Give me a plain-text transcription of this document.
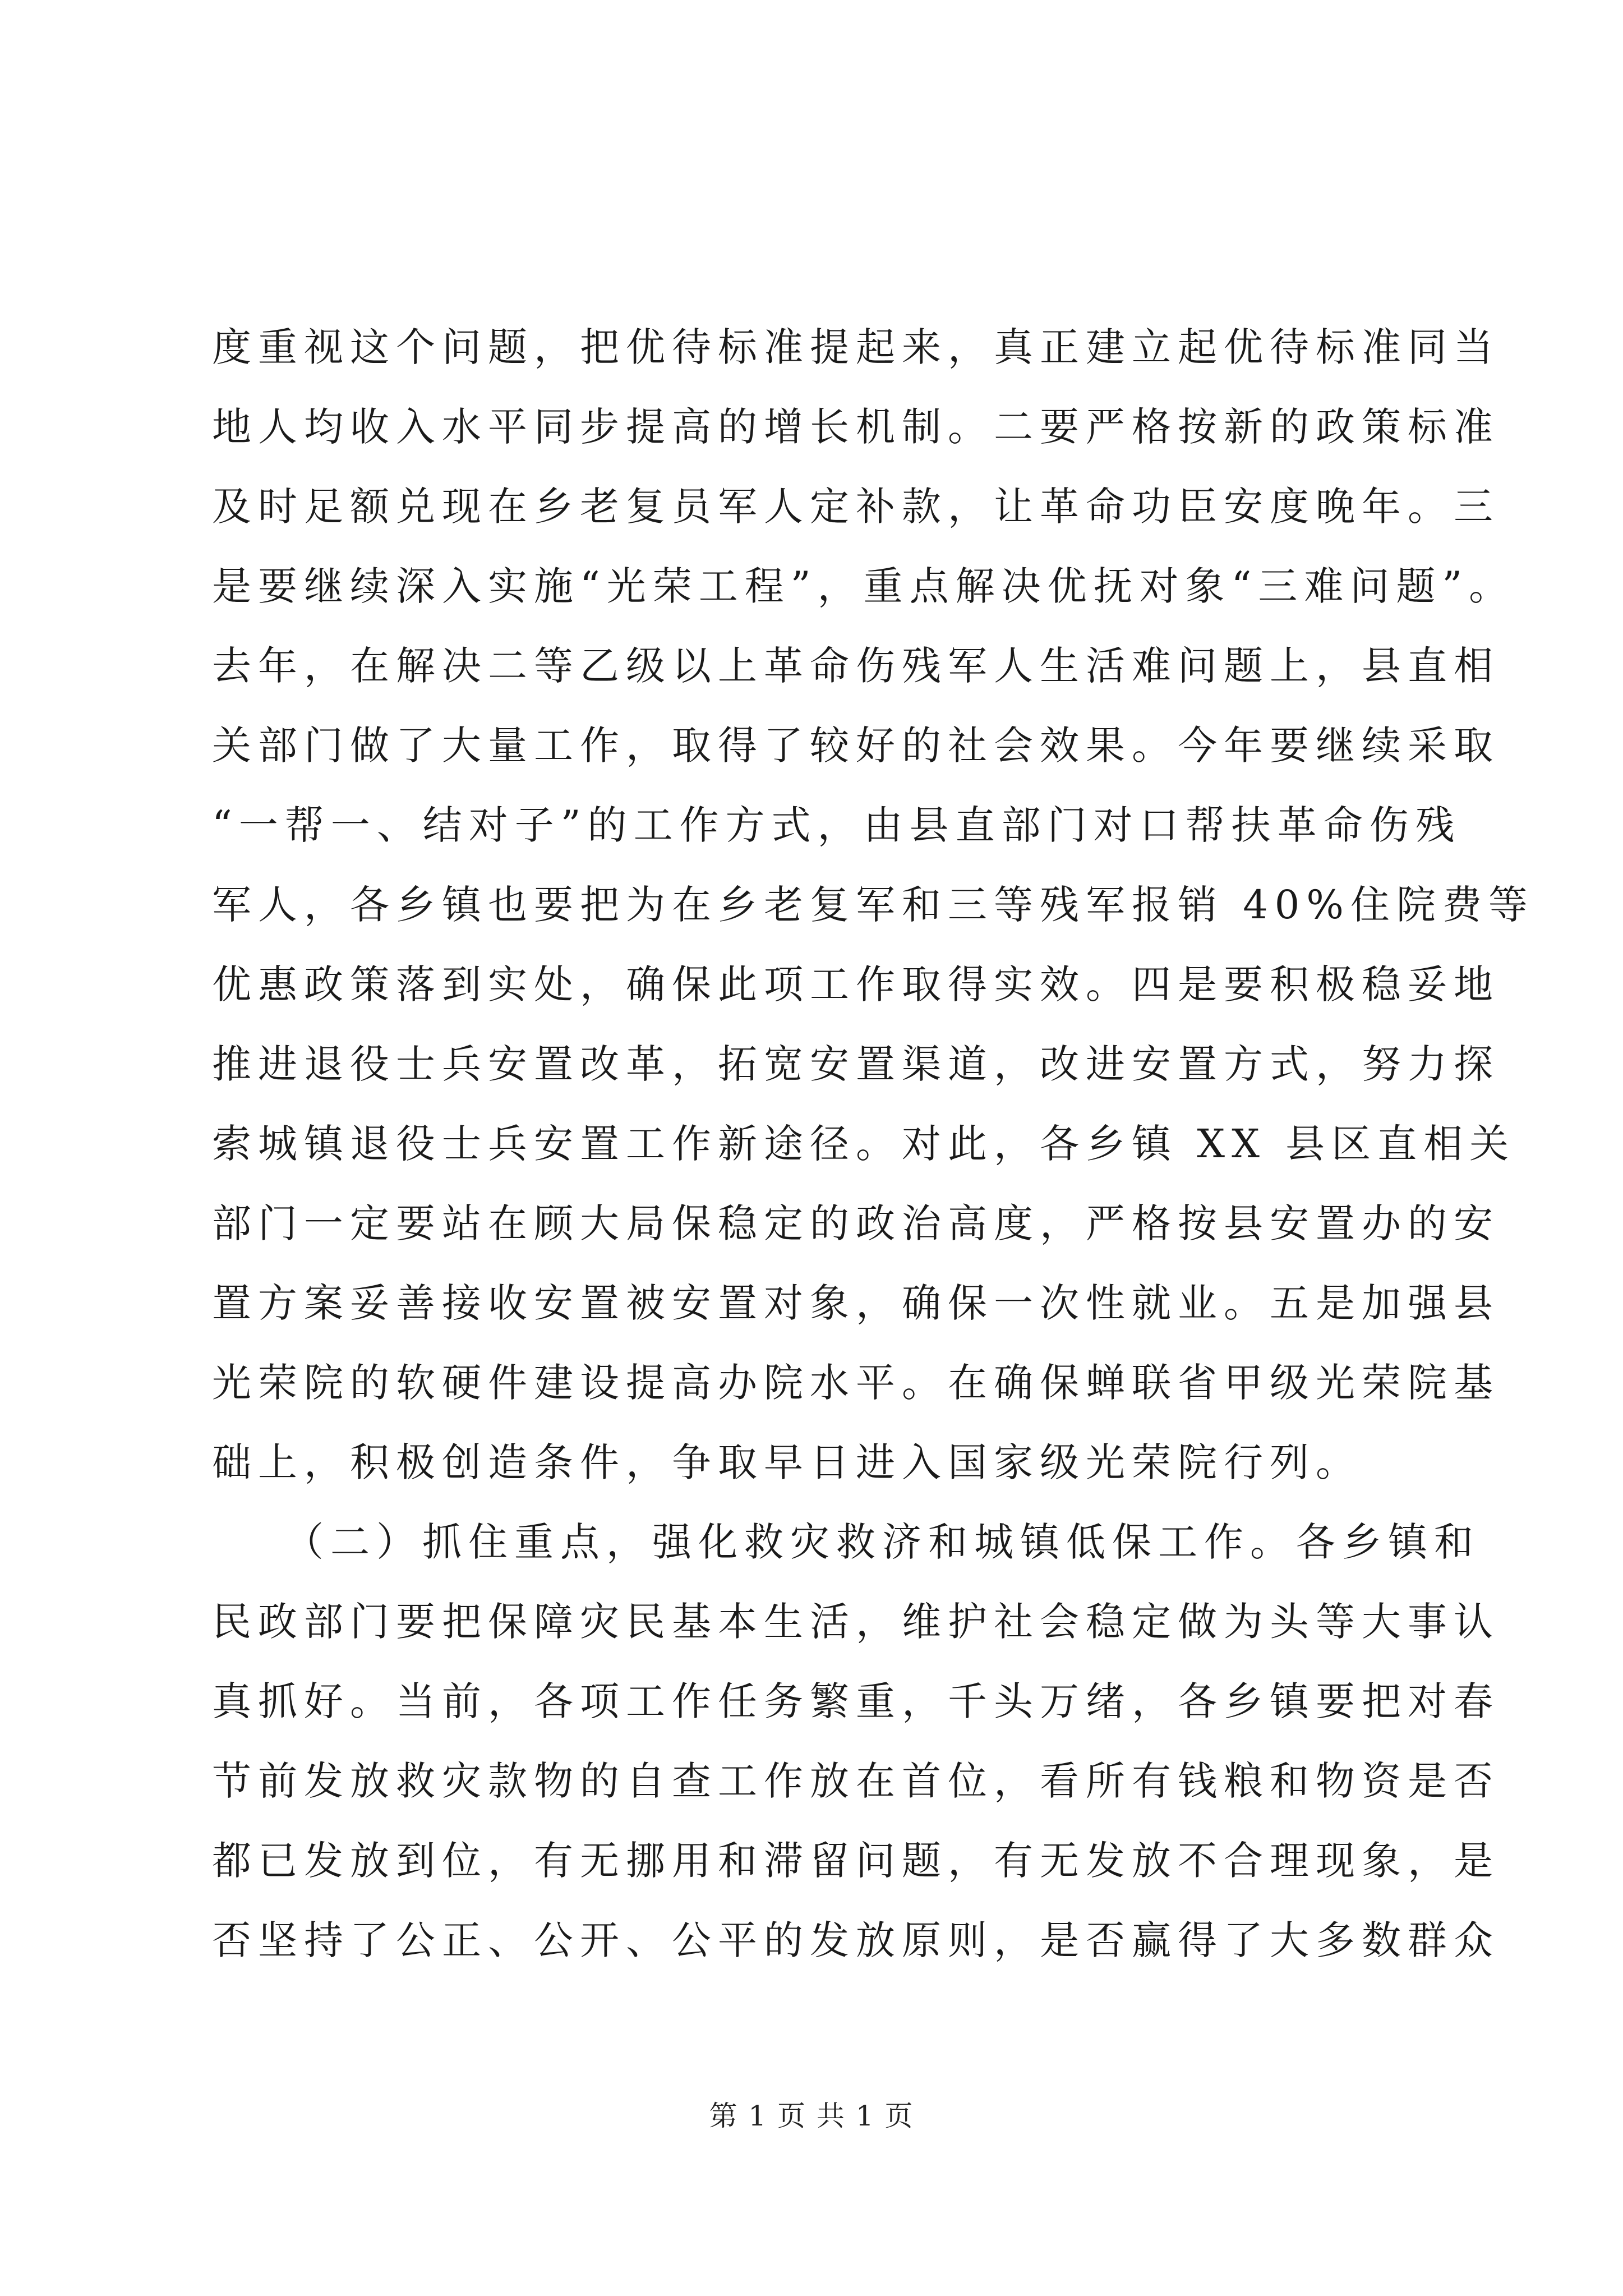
度重视这个问题，把优待标准提起来，真正建立起优待标准同当
地人均收入水平同步提高的增长机制。二要严格按新的政策标准
及时足额兑现在乡老复员军人定补款，让革命功臣安度晚年。三
是要继续深入实施“光荣工程”，重点解决优抚对象“三难问题”。
去年，在解决二等乙级以上革命伤残军人生活难问题上，县直相
关部门做了大量工作，取得了较好的社会效果。今年要继续采取
“一帮一、结对子”的工作方式，由县直部门对口帮扶革命伤残
军人，各乡镇也要把为在乡老复军和三等残军报销 40%住院费等
优惠政策落到实处，确保此项工作取得实效。四是要积极稳妥地
推进退役士兵安置改革，拓宽安置渠道，改进安置方式，努力探
索城镇退役士兵安置工作新途径。对此，各乡镇 XX 县区直相关
部门一定要站在顾大局保稳定的政治高度，严格按县安置办的安
置方案妥善接收安置被安置对象，确保一次性就业。五是加强县
光荣院的软硬件建设提高办院水平。在确保蝉联省甲级光荣院基
础上，积极创造条件，争取早日进入国家级光荣院行列。
　　（二）抓住重点，强化救灾救济和城镇低保工作。各乡镇和
民政部门要把保障灾民基本生活，维护社会稳定做为头等大事认
真抓好。当前，各项工作任务繁重，千头万绪，各乡镇要把对春
节前发放救灾款物的自查工作放在首位，看所有钱粮和物资是否
都已发放到位，有无挪用和滞留问题，有无发放不合理现象，是
否坚持了公正、公开、公平的发放原则，是否赢得了大多数群众
第 1 页 共 1 页
